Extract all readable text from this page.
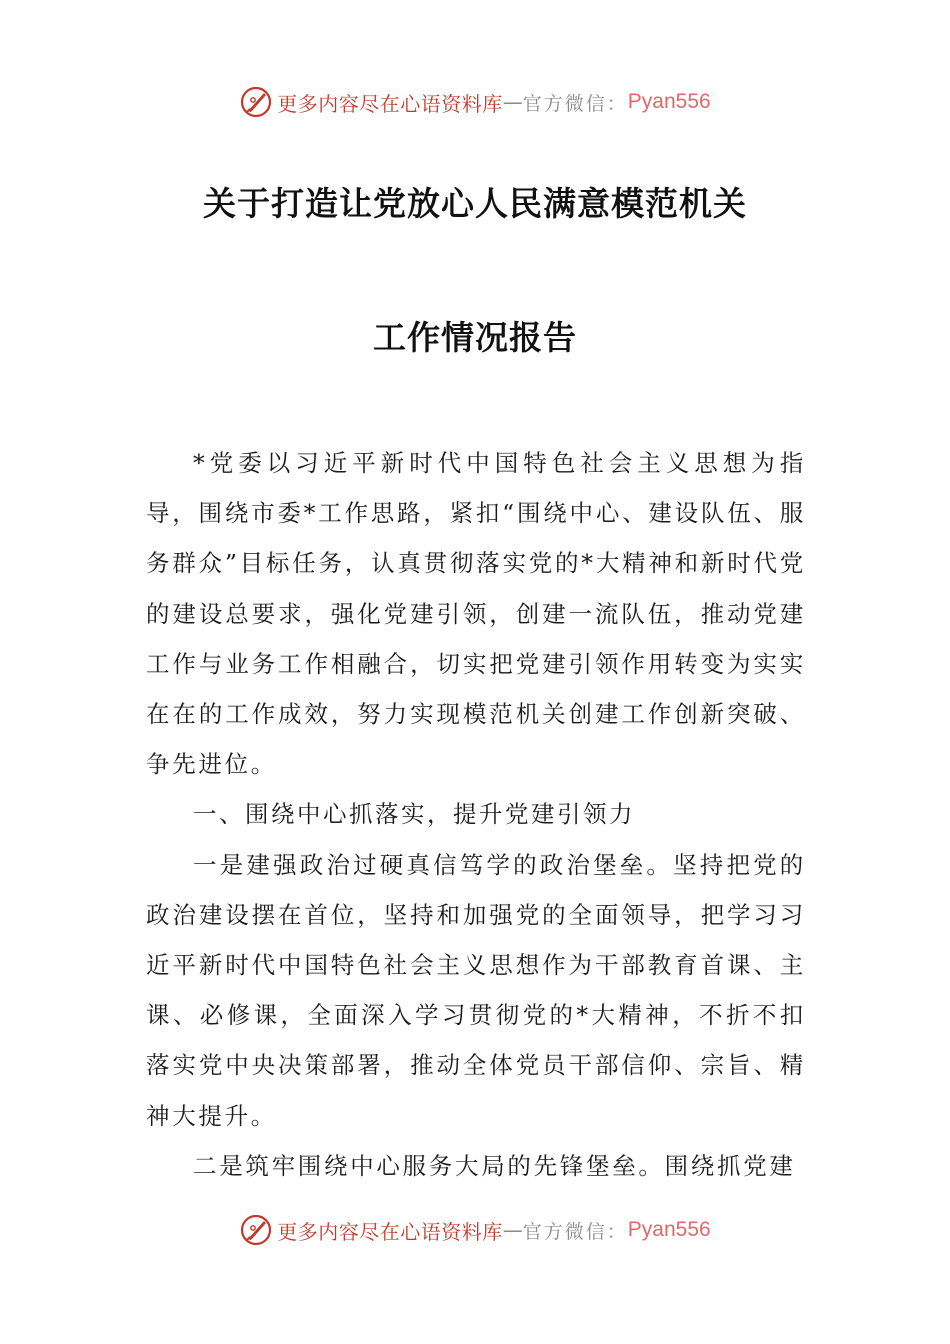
更多内容尽在心语资料库 — 官方微信： Pyan556
关于打造让党放心人民满意模范机关
工作情况报告

*党委以习近平新时代中国特色社会主义思想为指导，围绕市委*工作思路，紧扣“围绕中心、建设队伍、服务群众”目标任务，认真贯彻落实党的*大精神和新时代党的建设总要求，强化党建引领，创建一流队伍，推动党建工作与业务工作相融合，切实把党建引领作用转变为实实在在的工作成效，努力实现模范机关创建工作创新突破、争先进位。

一、围绕中心抓落实，提升党建引领力

一是建强政治过硬真信笃学的政治堡垒。坚持把党的政治建设摆在首位，坚持和加强党的全面领导，把学习习近平新时代中国特色社会主义思想作为干部教育首课、主课、必修课，全面深入学习贯彻党的*大精神，不折不扣落实党中央决策部署，推动全体党员干部信仰、宗旨、精神大提升。

二是筑牢围绕中心服务大局的先锋堡垒。围绕抓党建

更多内容尽在心语资料库 — 官方微信： Pyan556
